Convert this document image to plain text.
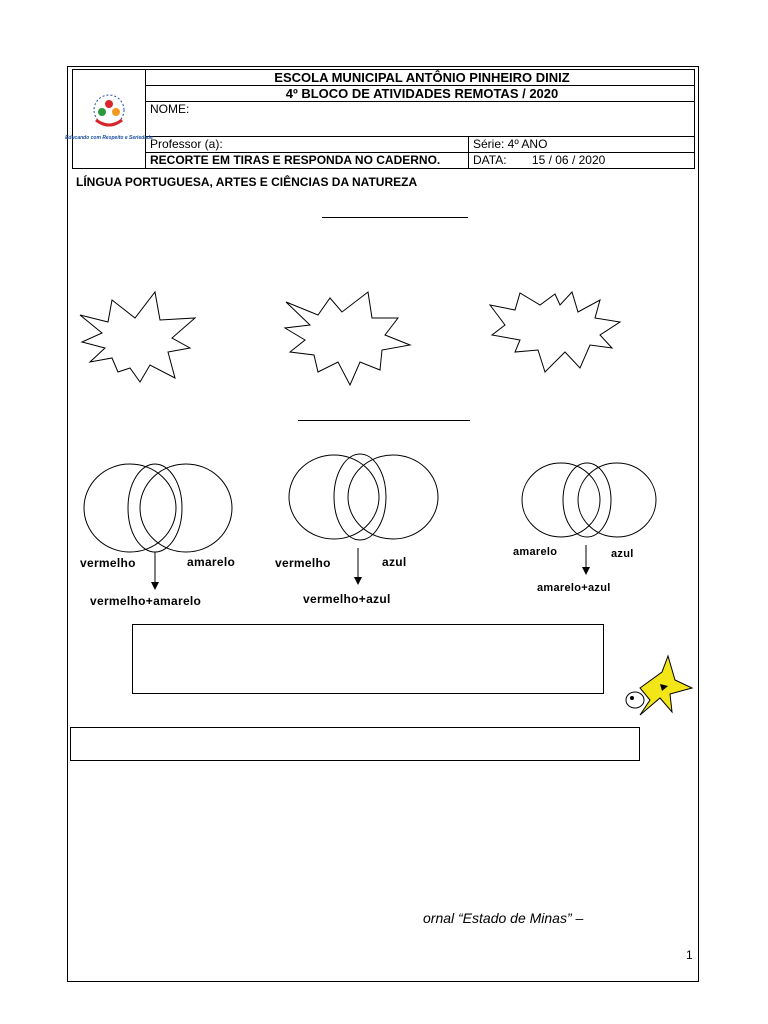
Educando com Respeito e Seriedade	ESCOLA MUNICIPAL ANTÔNIO PINHEIRO DINIZ	
	4º BLOCO DE ATIVIDADES REMOTAS / 2020	
	NOME:	
	Professor (a):	Série: 4º ANO
	RECORTE EM TIRAS E RESPONDA NO CADERNO.	DATA: 15 / 06 / 2020
LÍNGUA PORTUGUESA, ARTES E CIÊNCIAS DA NATUREZA
vermelho	amarelo
vermelho+amarelo
vermelho	azul
vermelho+azul
amarelo	azul
amarelo+azul
ornal “Estado de Minas” –
1
